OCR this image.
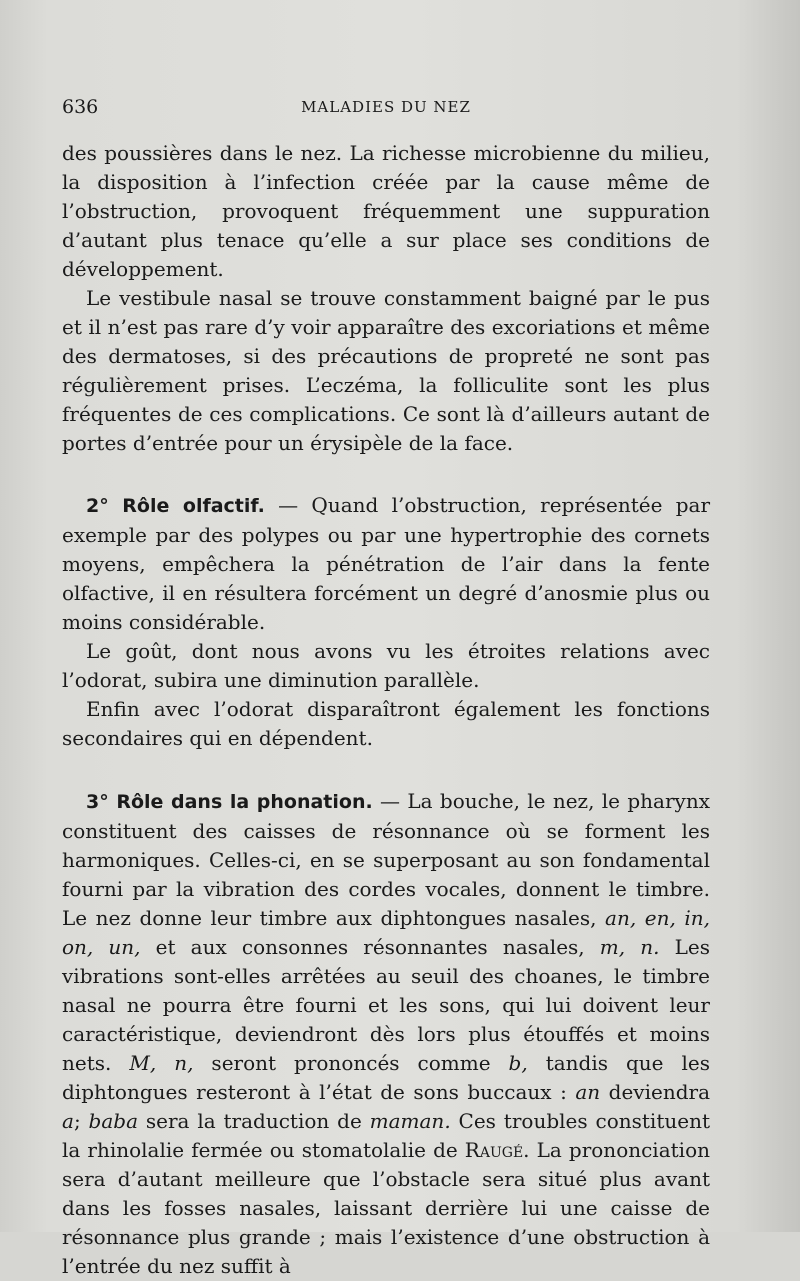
636	MALADIES DU NEZ

des poussières dans le nez. La richesse microbienne du milieu, la disposition à l’infection créée par la cause même de l’obstruction, provoquent fréquemment une suppuration d’autant plus tenace qu’elle a sur place ses conditions de développement.

Le vestibule nasal se trouve constamment baigné par le pus et il n’est pas rare d’y voir apparaître des excoriations et même des dermatoses, si des précautions de propreté ne sont pas régulièrement prises. L’eczéma, la folliculite sont les plus fréquentes de ces complications. Ce sont là d’ailleurs autant de portes d’entrée pour un érysipèle de la face.

2° Rôle olfactif. — Quand l’obstruction, représentée par exemple par des polypes ou par une hypertrophie des cornets moyens, empêchera la pénétration de l’air dans la fente olfactive, il en résultera forcément un degré d’anosmie plus ou moins considérable.

Le goût, dont nous avons vu les étroites relations avec l’odorat, subira une diminution parallèle.

Enfin avec l’odorat disparaîtront également les fonctions secondaires qui en dépendent.

3° Rôle dans la phonation. — La bouche, le nez, le pharynx constituent des caisses de résonnance où se forment les harmoniques. Celles-ci, en se superposant au son fondamental fourni par la vibration des cordes vocales, donnent le timbre. Le nez donne leur timbre aux diphtongues nasales, an, en, in, on, un, et aux consonnes résonnantes nasales, m, n. Les vibrations sont-elles arrêtées au seuil des choanes, le timbre nasal ne pourra être fourni et les sons, qui lui doivent leur caractéristique, deviendront dès lors plus étouffés et moins nets. M, n, seront prononcés comme b, tandis que les diphtongues resteront à l’état de sons buccaux : an deviendra a; baba sera la traduction de maman. Ces troubles constituent la rhinolalie fermée ou stomatolalie de Raugé. La prononciation sera d’autant meilleure que l’obstacle sera situé plus avant dans les fosses nasales, laissant derrière lui une caisse de résonnance plus grande ; mais l’existence d’une obstruction à l’entrée du nez suffit à
